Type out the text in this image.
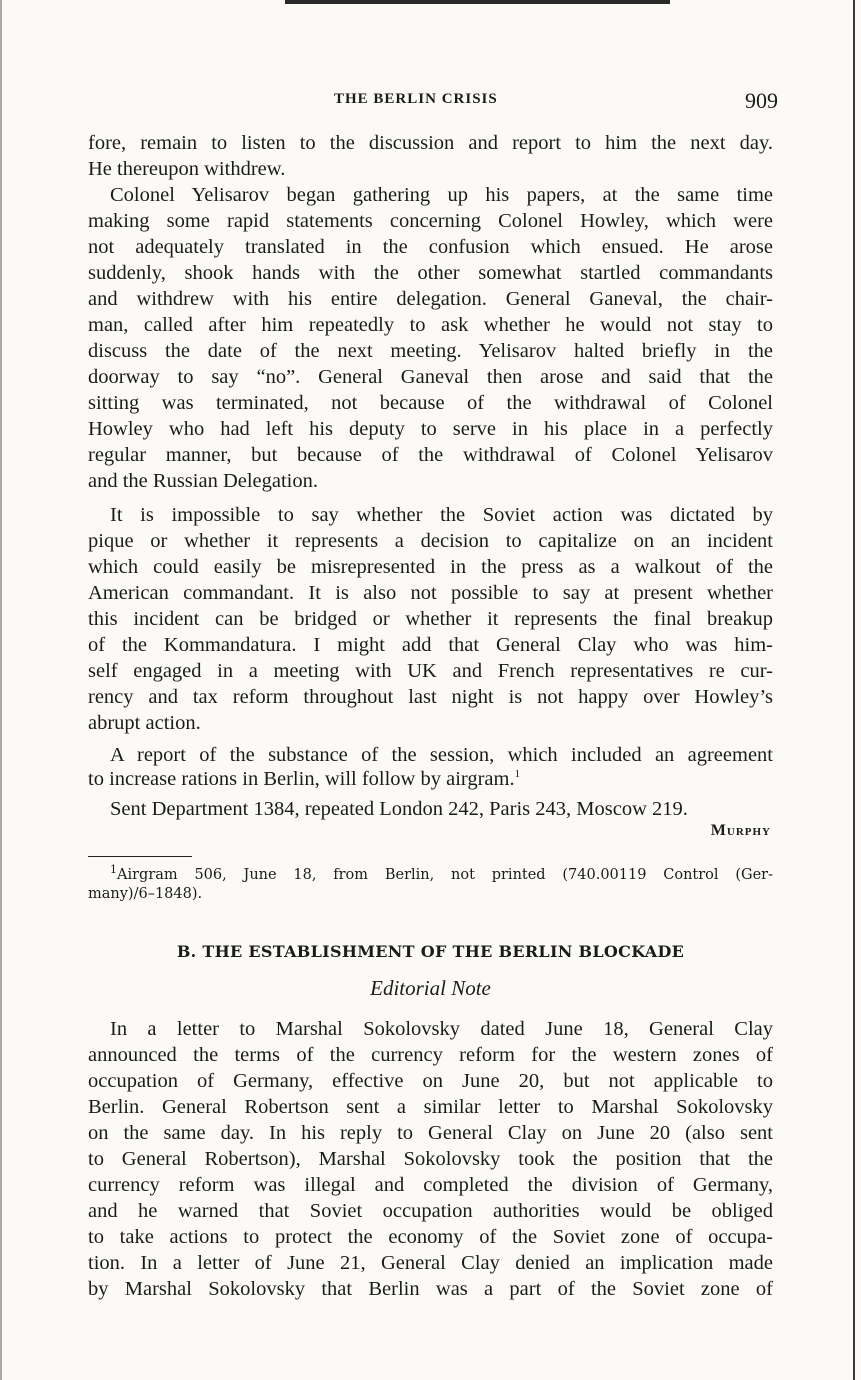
THE BERLIN CRISIS	909
fore, remain to listen to the discussion and report to him the next day.
He thereupon withdrew.
Colonel Yelisarov began gathering up his papers, at the same time
making some rapid statements concerning Colonel Howley, which were
not adequately translated in the confusion which ensued. He arose
suddenly, shook hands with the other somewhat startled commandants
and withdrew with his entire delegation. General Ganeval, the chair-
man, called after him repeatedly to ask whether he would not stay to
discuss the date of the next meeting. Yelisarov halted briefly in the
doorway to say “no”. General Ganeval then arose and said that the
sitting was terminated, not because of the withdrawal of Colonel
Howley who had left his deputy to serve in his place in a perfectly
regular manner, but because of the withdrawal of Colonel Yelisarov
and the Russian Delegation.
It is impossible to say whether the Soviet action was dictated by
pique or whether it represents a decision to capitalize on an incident
which could easily be misrepresented in the press as a walkout of the
American commandant. It is also not possible to say at present whether
this incident can be bridged or whether it represents the final breakup
of the Kommandatura. I might add that General Clay who was him-
self engaged in a meeting with UK and French representatives re cur-
rency and tax reform throughout last night is not happy over Howley’s
abrupt action.
A report of the substance of the session, which included an agreement
to increase rations in Berlin, will follow by airgram.$^1$
Sent Department 1384, repeated London 242, Paris 243, Moscow 219.
Murphy
$^1$Airgram 506, June 18, from Berlin, not printed (740.00119 Control (Ger-
many)/6–1848).
B. THE ESTABLISHMENT OF THE BERLIN BLOCKADE
Editorial Note
In a letter to Marshal Sokolovsky dated June 18, General Clay
announced the terms of the currency reform for the western zones of
occupation of Germany, effective on June 20, but not applicable to
Berlin. General Robertson sent a similar letter to Marshal Sokolovsky
on the same day. In his reply to General Clay on June 20 (also sent
to General Robertson), Marshal Sokolovsky took the position that the
currency reform was illegal and completed the division of Germany,
and he warned that Soviet occupation authorities would be obliged
to take actions to protect the economy of the Soviet zone of occupa-
tion. In a letter of June 21, General Clay denied an implication made
by Marshal Sokolovsky that Berlin was a part of the Soviet zone of
